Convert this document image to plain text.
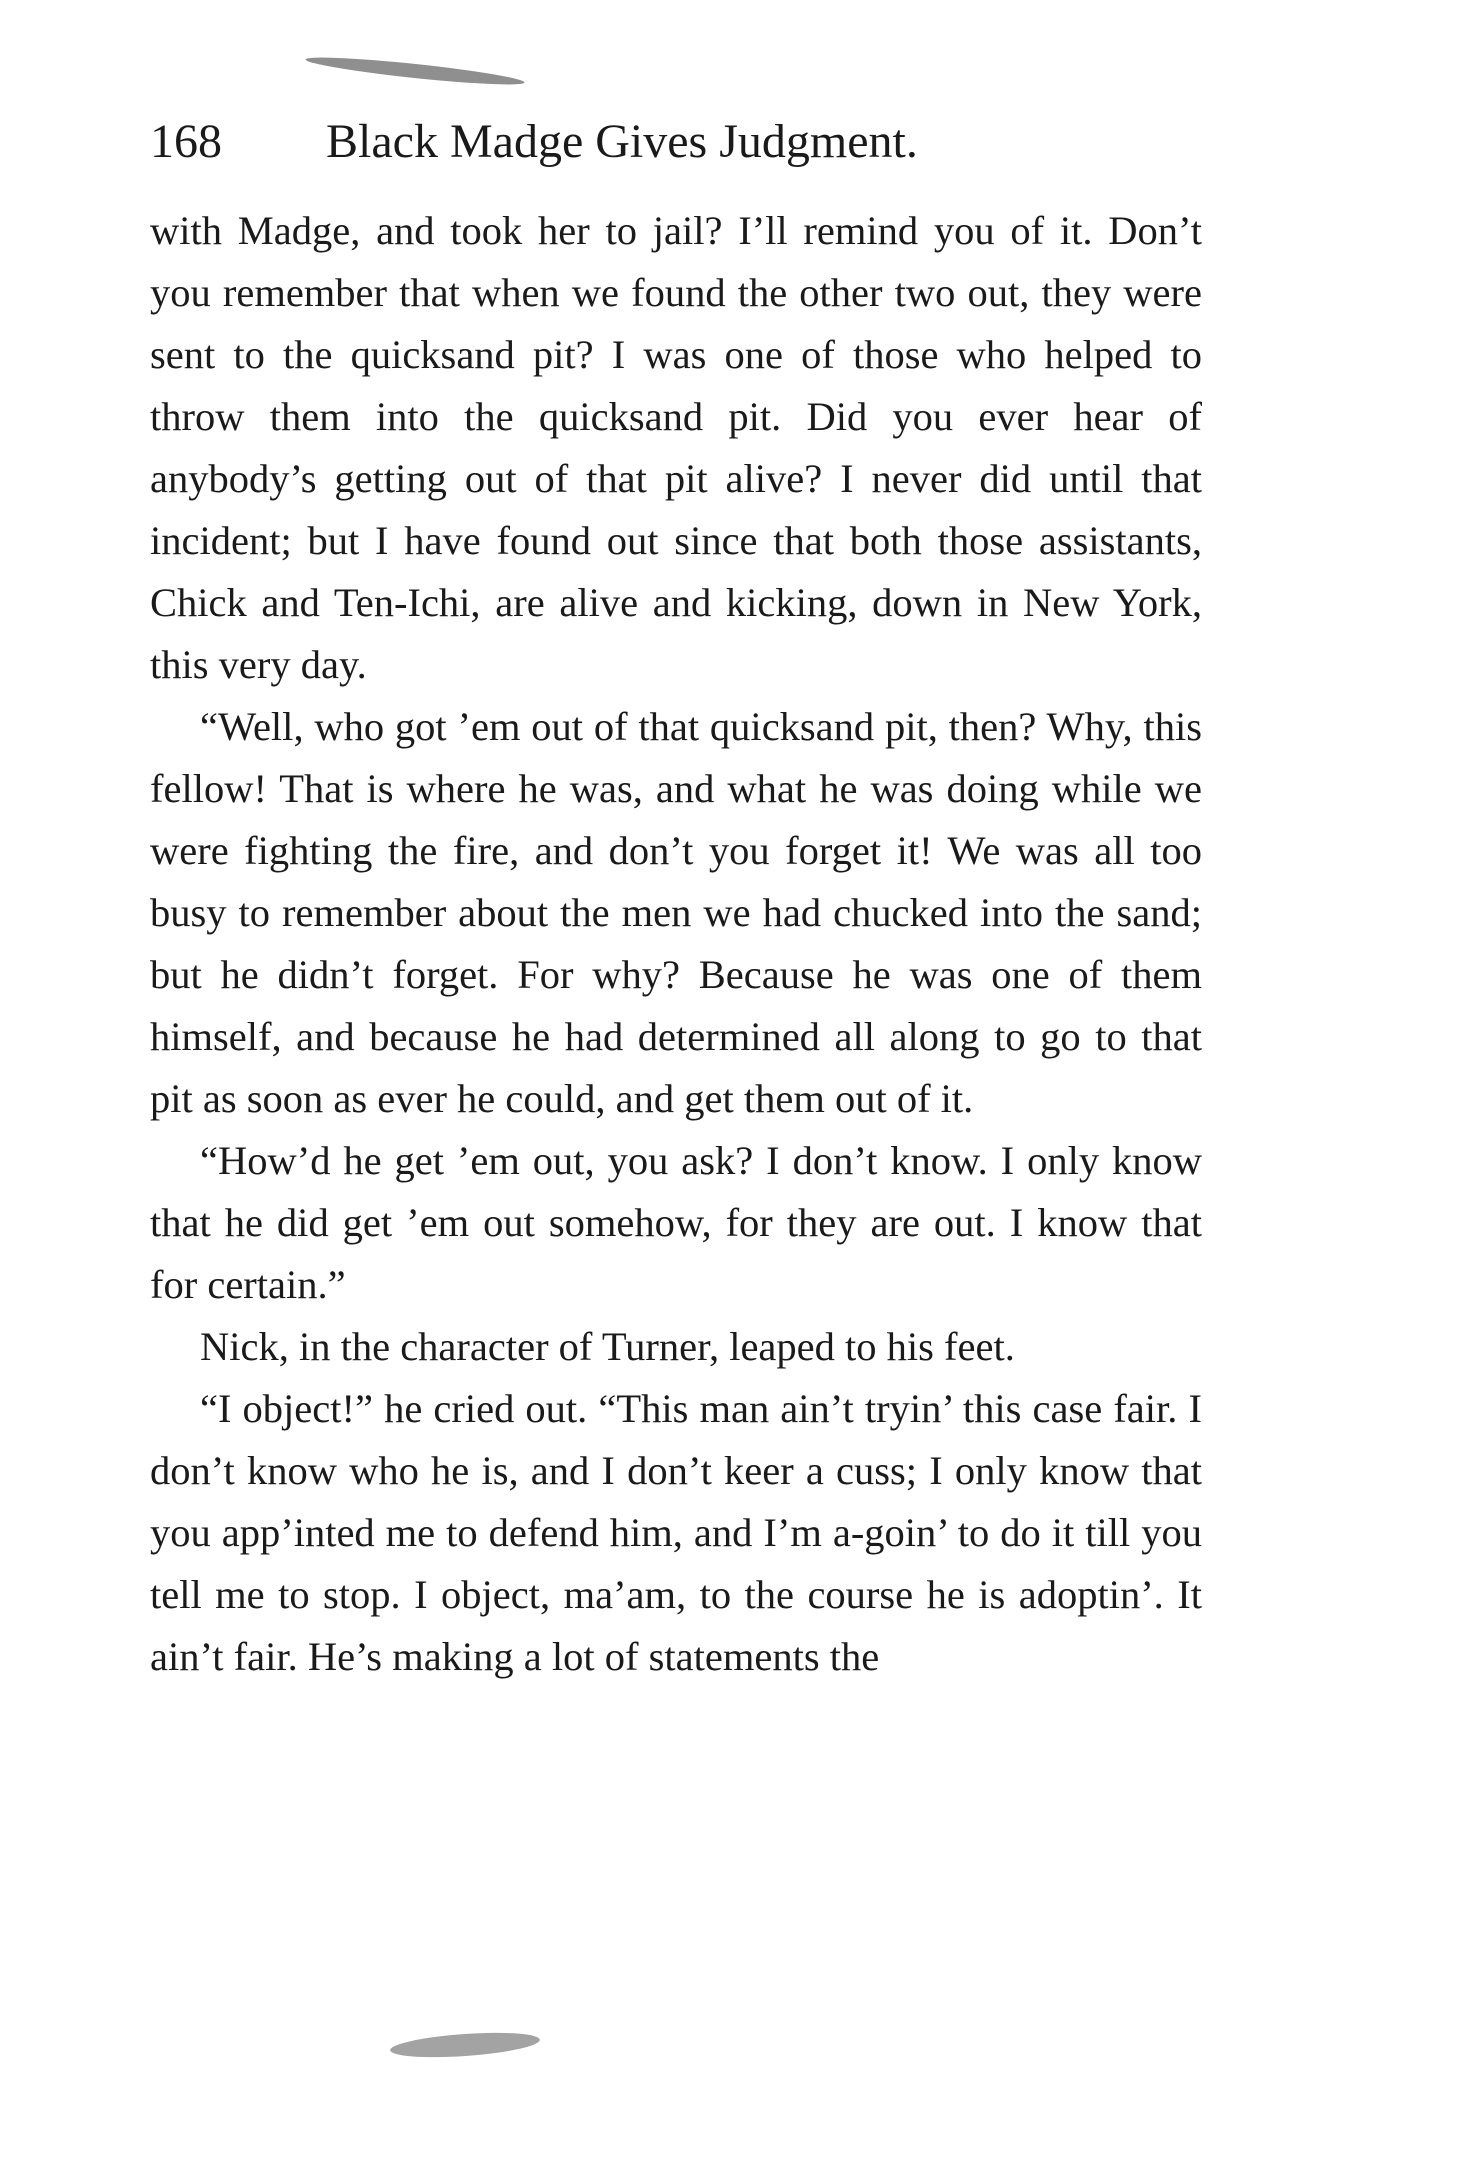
168 Black Madge Gives Judgment.

with Madge, and took her to jail? I’ll remind you of it. Don’t you remember that when we found the other two out, they were sent to the quicksand pit? I was one of those who helped to throw them into the quicksand pit. Did you ever hear of anybody’s getting out of that pit alive? I never did until that incident; but I have found out since that both those assistants, Chick and Ten-Ichi, are alive and kicking, down in New York, this very day.

“Well, who got ’em out of that quicksand pit, then? Why, this fellow! That is where he was, and what he was doing while we were fighting the fire, and don’t you forget it! We was all too busy to remember about the men we had chucked into the sand; but he didn’t forget. For why? Because he was one of them himself, and because he had determined all along to go to that pit as soon as ever he could, and get them out of it.

“How’d he get ’em out, you ask? I don’t know. I only know that he did get ’em out somehow, for they are out. I know that for certain.”

Nick, in the character of Turner, leaped to his feet.

“I object!” he cried out. “This man ain’t tryin’ this case fair. I don’t know who he is, and I don’t keer a cuss; I only know that you app’inted me to defend him, and I’m a-goin’ to do it till you tell me to stop. I object, ma’am, to the course he is adoptin’. It ain’t fair. He’s making a lot of statements the
